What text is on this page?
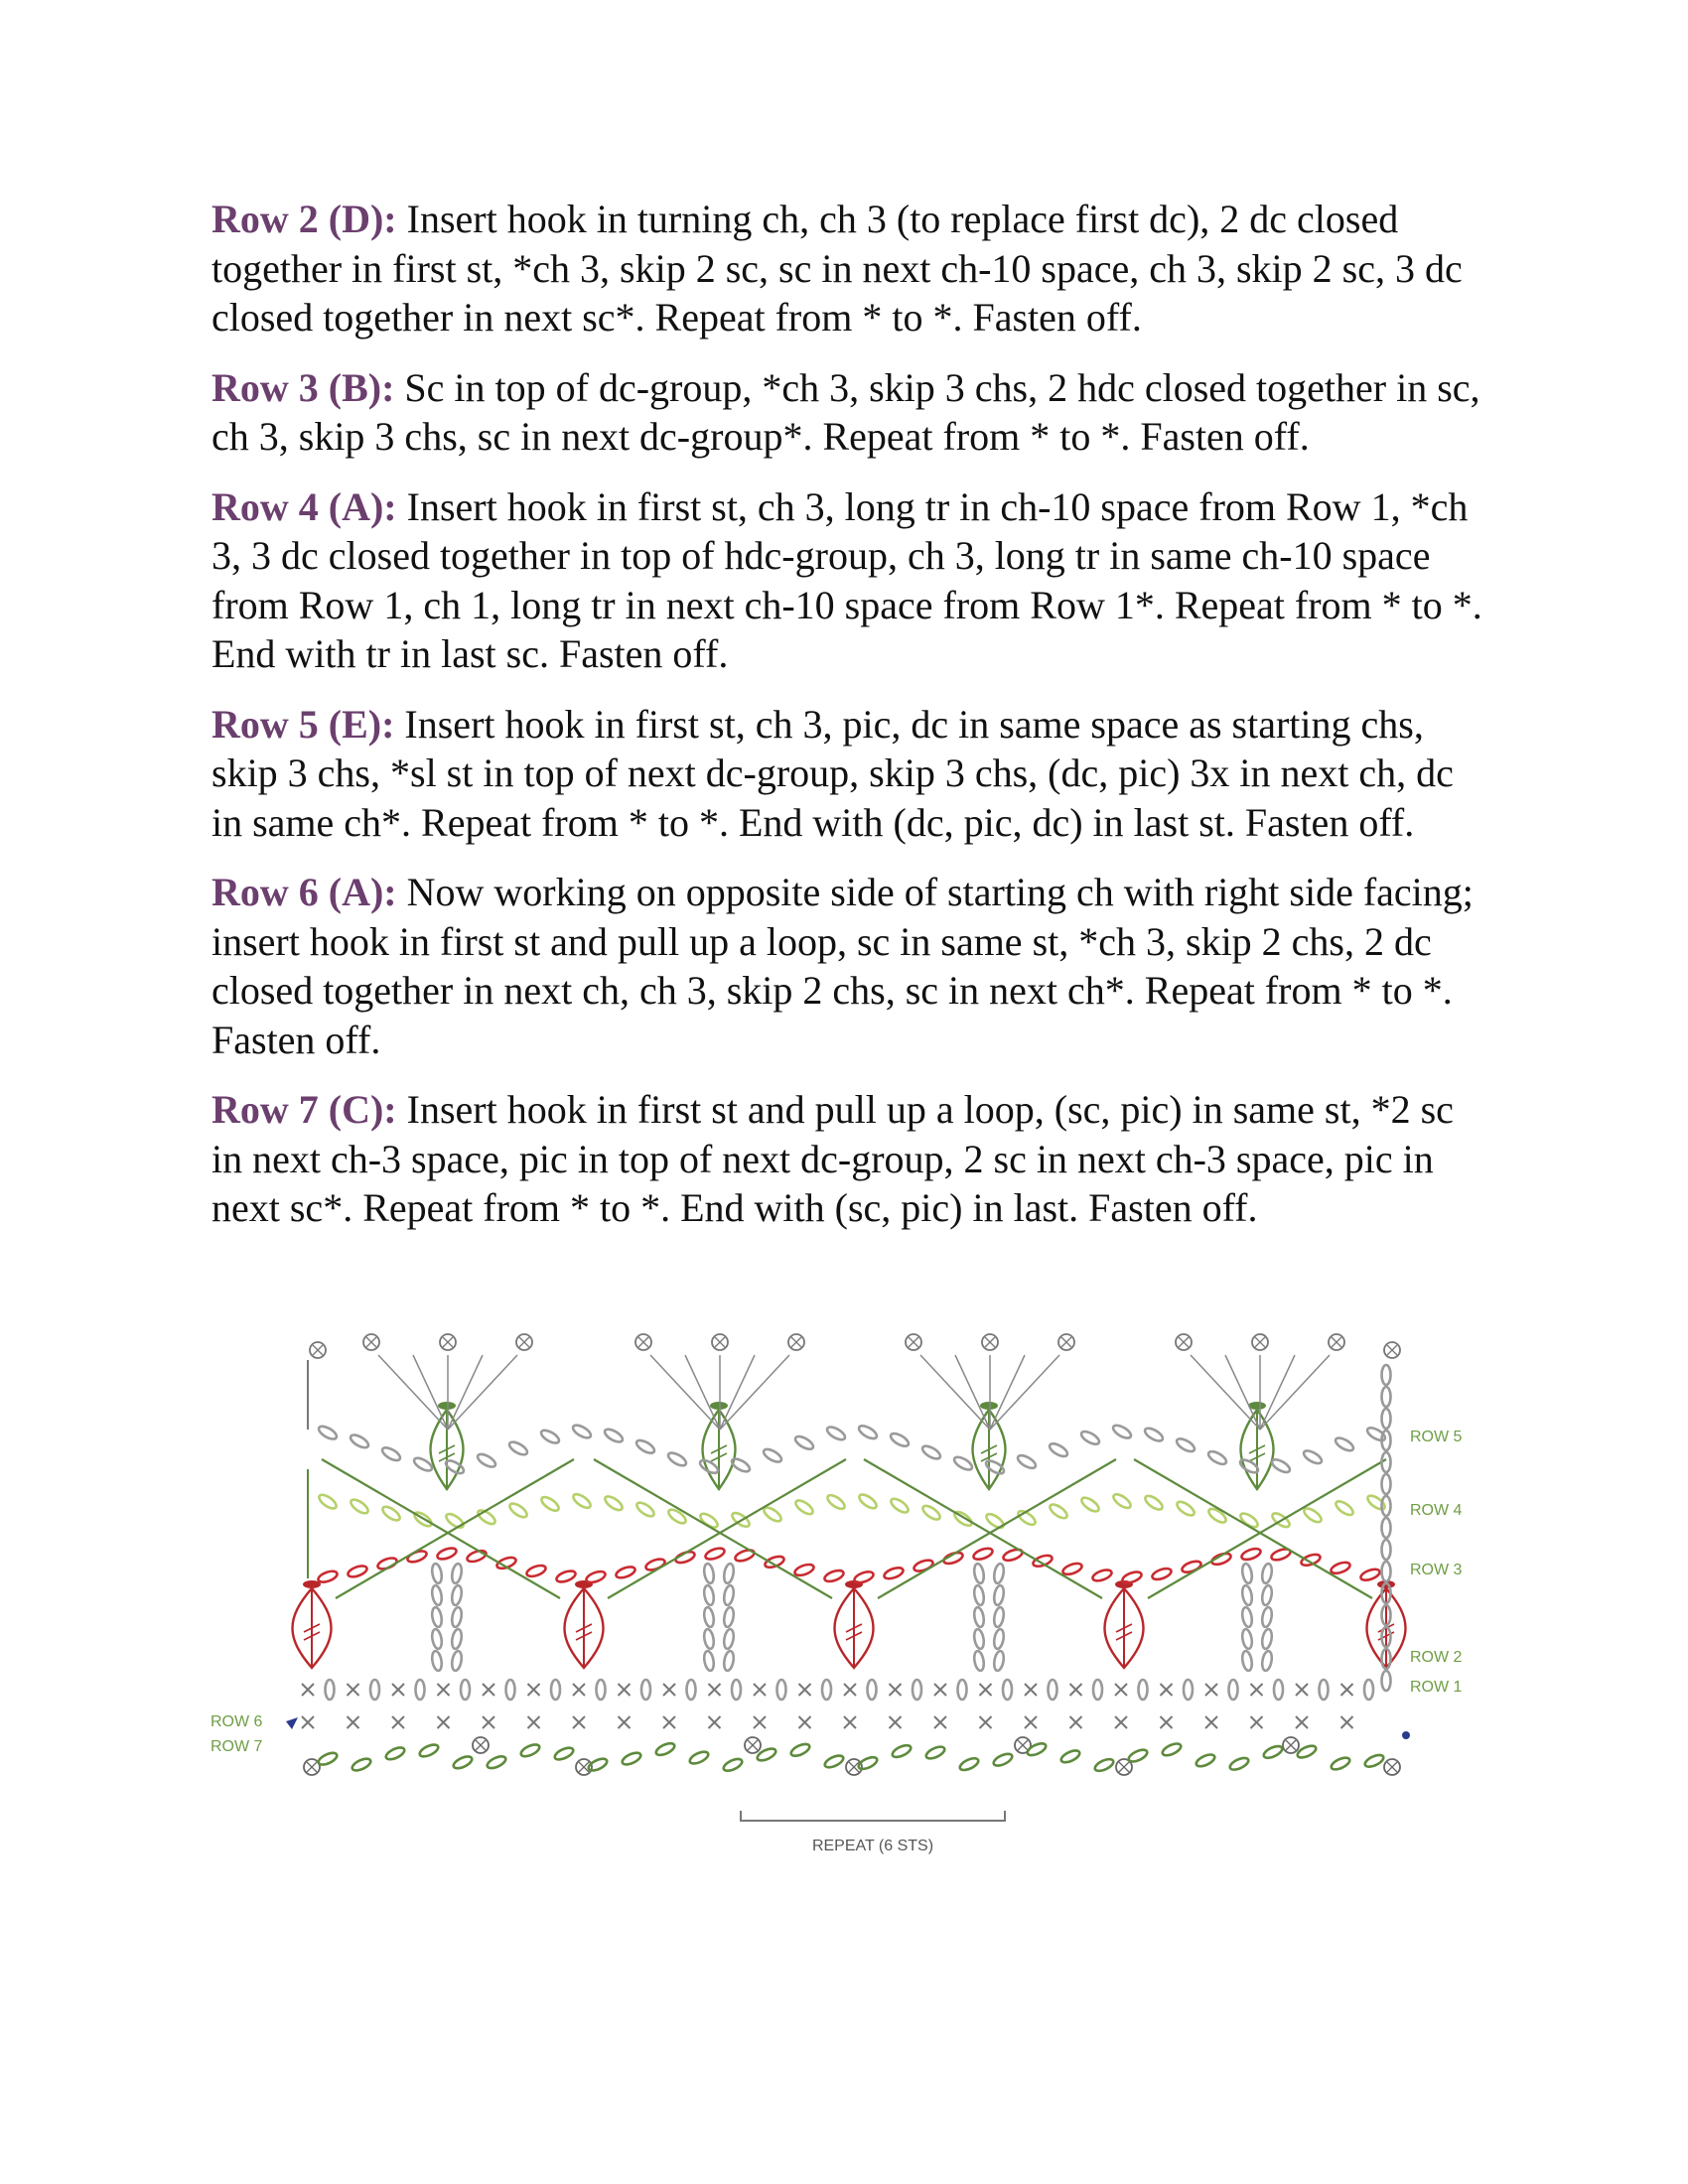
Row 2 (D): Insert hook in turning ch, ch 3 (to replace first dc), 2 dc closed together in first st, *ch 3, skip 2 sc, sc in next ch-10 space, ch 3, skip 2 sc, 3 dc closed together in next sc*. Repeat from * to *. Fasten off.

Row 3 (B): Sc in top of dc-group, *ch 3, skip 3 chs, 2 hdc closed together in sc, ch 3, skip 3 chs, sc in next dc-group*. Repeat from * to *. Fasten off.

Row 4 (A): Insert hook in first st, ch 3, long tr in ch-10 space from Row 1, *ch 3, 3 dc closed together in top of hdc-group, ch 3, long tr in same ch-10 space from Row 1, ch 1, long tr in next ch-10 space from Row 1*. Repeat from * to *. End with tr in last sc. Fasten off.

Row 5 (E): Insert hook in first st, ch 3, pic, dc in same space as starting chs, skip 3 chs, *sl st in top of next dc-group, skip 3 chs, (dc, pic) 3x in next ch, dc in same ch*. Repeat from * to *. End with (dc, pic, dc) in last st. Fasten off.

Row 6 (A): Now working on opposite side of starting ch with right side facing; insert hook in first st and pull up a loop, sc in same st, *ch 3, skip 2 chs, 2 dc closed together in next ch, ch 3, skip 2 chs, sc in next ch*. Repeat from * to *. Fasten off.

Row 7 (C): Insert hook in first st and pull up a loop, (sc, pic) in same st, *2 sc in next ch-3 space, pic in top of next dc-group, 2 sc in next ch-3 space, pic in next sc*. Repeat from * to *. End with (sc, pic) in last. Fasten off.

ROW 5
ROW 4
ROW 3
ROW 2
ROW 1
ROW 6
ROW 7
REPEAT (6 STS)
